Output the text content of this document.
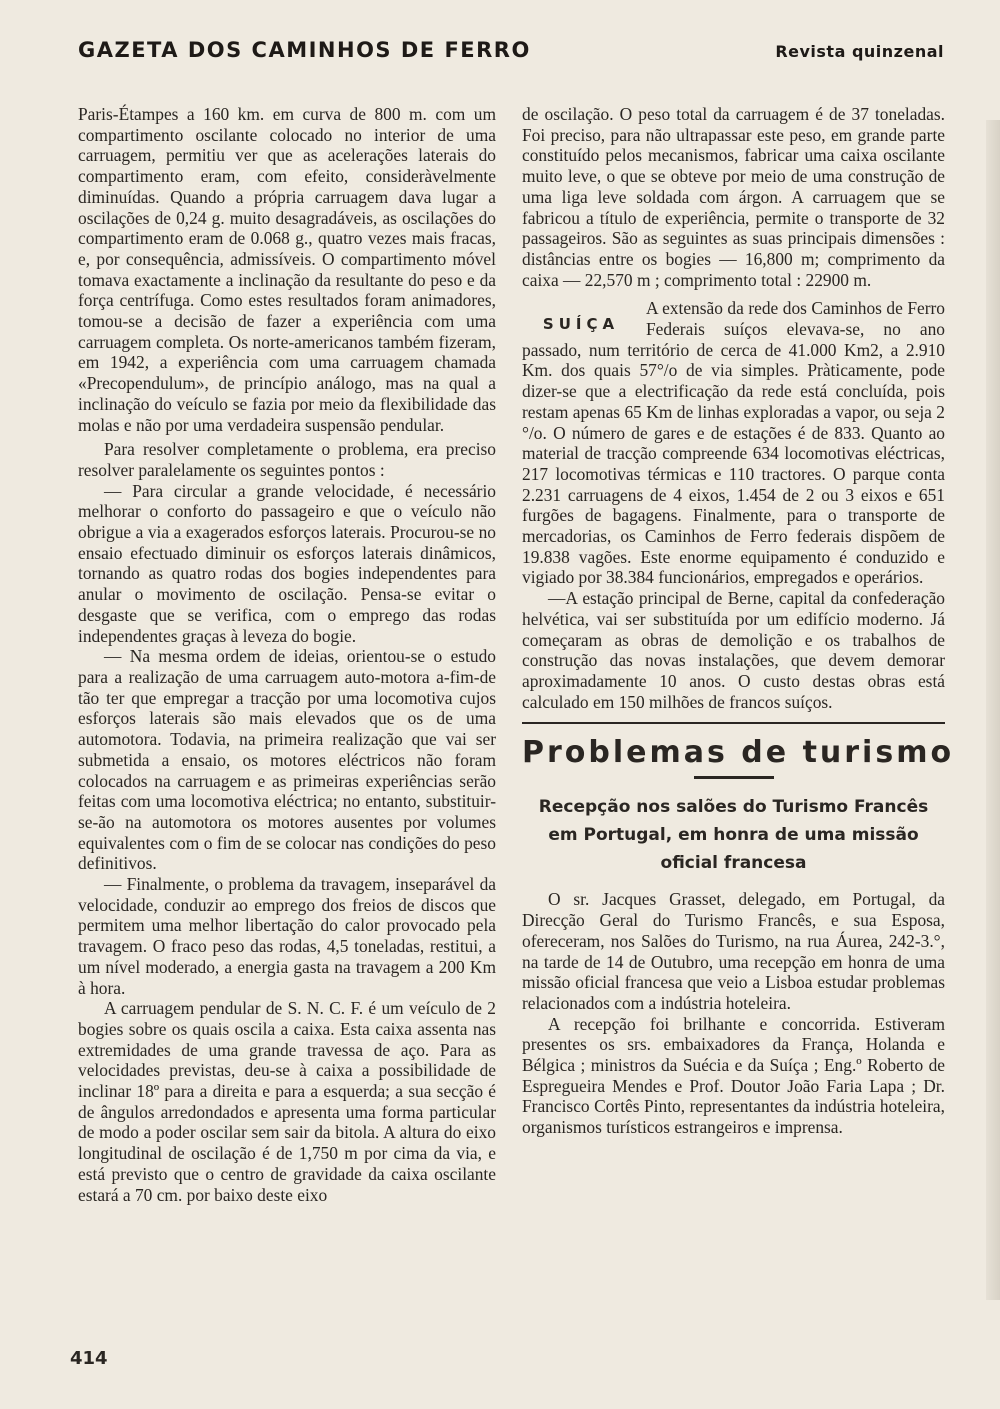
GAZETA DOS CAMINHOS DE FERRO	Revista quinzenal

Paris-Étampes a 160 km. em curva de 800 m. com um compartimento oscilante colocado no interior de uma carruagem, permitiu ver que as acelerações laterais do compartimento eram, com efeito, consideràvelmente diminuídas. Quando a própria carruagem dava lugar a oscilações de 0,24 g. muito desagradáveis, as oscilações do compartimento eram de 0.068 g., quatro vezes mais fracas, e, por consequência, admissíveis. O compartimento móvel tomava exactamente a inclinação da resultante do peso e da força centrífuga. Como estes resultados foram animadores, tomou-se a decisão de fazer a experiência com uma carruagem completa. Os norte-americanos também fizeram, em 1942, a experiência com uma carruagem chamada «Precopendulum», de princípio análogo, mas na qual a inclinação do veículo se fazia por meio da flexibilidade das molas e não por uma verdadeira suspensão pendular.

Para resolver completamente o problema, era preciso resolver paralelamente os seguintes pontos :

— Para circular a grande velocidade, é necessário melhorar o conforto do passageiro e que o veículo não obrigue a via a exagerados esforços laterais. Procurou-se no ensaio efectuado diminuir os esforços laterais dinâmicos, tornando as quatro rodas dos bogies independentes para anular o movimento de oscilação. Pensa-se evitar o desgaste que se verifica, com o emprego das rodas independentes graças à leveza do bogie.

— Na mesma ordem de ideias, orientou-se o estudo para a realização de uma carruagem auto-motora a-fim-de tão ter que empregar a tracção por uma locomotiva cujos esforços laterais são mais elevados que os de uma automotora. Todavia, na primeira realização que vai ser submetida a ensaio, os motores eléctricos não foram colocados na carruagem e as primeiras experiências serão feitas com uma locomotiva eléctrica; no entanto, substituir-se-ão na automotora os motores ausentes por volumes equivalentes com o fim de se colocar nas condições do peso definitivos.

— Finalmente, o problema da travagem, inseparável da velocidade, conduzir ao emprego dos freios de discos que permitem uma melhor libertação do calor provocado pela travagem. O fraco peso das rodas, 4,5 toneladas, restitui, a um nível moderado, a energia gasta na travagem a 200 Km à hora.

A carruagem pendular de S. N. C. F. é um veículo de 2 bogies sobre os quais oscila a caixa. Esta caixa assenta nas extremidades de uma grande travessa de aço. Para as velocidades previstas, deu-se à caixa a possibilidade de inclinar 18º para a direita e para a esquerda; a sua secção é de ângulos arredondados e apresenta uma forma particular de modo a poder oscilar sem sair da bitola. A altura do eixo longitudinal de oscilação é de 1,750 m por cima da via, e está previsto que o centro de gravidade da caixa oscilante estará a 70 cm. por baixo deste eixo

de oscilação. O peso total da carruagem é de 37 toneladas. Foi preciso, para não ultrapassar este peso, em grande parte constituído pelos mecanismos, fabricar uma caixa oscilante muito leve, o que se obteve por meio de uma construção de uma liga leve soldada com árgon. A carruagem que se fabricou a título de experiência, permite o transporte de 32 passageiros. São as seguintes as suas principais dimensões : distâncias entre os bogies — 16,800 m; comprimento da caixa — 22,570 m ; comprimento total : 22900 m.

SUÍÇA

A extensão da rede dos Caminhos de Ferro Federais suíços elevava-se, no ano passado, num território de cerca de 41.000 Km2, a 2.910 Km. dos quais 57°/o de via simples. Pràticamente, pode dizer-se que a electrificação da rede está concluída, pois restam apenas 65 Km de linhas exploradas a vapor, ou seja 2 °/o. O número de gares e de estações é de 833. Quanto ao material de tracção compreende 634 locomotivas eléctricas, 217 locomotivas térmicas e 110 tractores. O parque conta 2.231 carruagens de 4 eixos, 1.454 de 2 ou 3 eixos e 651 furgões de bagagens. Finalmente, para o transporte de mercadorias, os Caminhos de Ferro federais dispõem de 19.838 vagões. Este enorme equipamento é conduzido e vigiado por 38.384 funcionários, empregados e operários.

—A estação principal de Berne, capital da confederação helvética, vai ser substituída por um edifício moderno. Já começaram as obras de demolição e os trabalhos de construção das novas instalações, que devem demorar aproximadamente 10 anos. O custo destas obras está calculado em 150 milhões de francos suíços.

Problemas de turismo
Recepção nos salões do Turismo Francês em Portugal, em honra de uma missão oficial francesa

O sr. Jacques Grasset, delegado, em Portugal, da Direcção Geral do Turismo Francês, e sua Esposa, ofereceram, nos Salões do Turismo, na rua Áurea, 242-3.°, na tarde de 14 de Outubro, uma recepção em honra de uma missão oficial francesa que veio a Lisboa estudar problemas relacionados com a indústria hoteleira.

A recepção foi brilhante e concorrida. Estiveram presentes os srs. embaixadores da França, Holanda e Bélgica ; ministros da Suécia e da Suíça ; Eng.º Roberto de Espregueira Mendes e Prof. Doutor João Faria Lapa ; Dr. Francisco Cortês Pinto, representantes da indústria hoteleira, organismos turísticos estrangeiros e imprensa.

414
